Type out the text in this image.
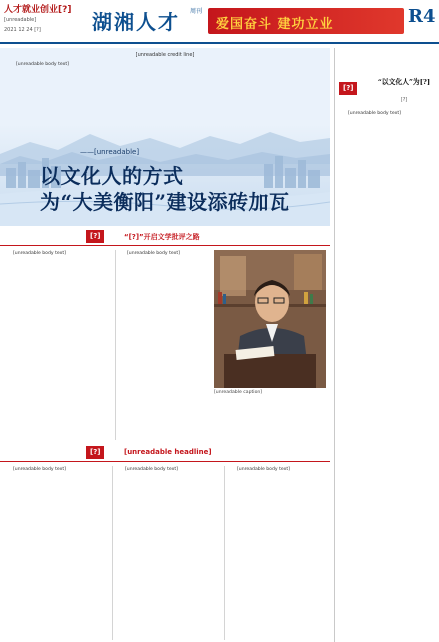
人才就业创业[?]
[unreadable]
2021 12 24 [?]	湖湘人才 周刊
爱国奋斗 建功立业	R4

[unreadable credit line]

[unreadable body text]

——[unreadable]
以文化人的方式
为“大美衡阳”建设添砖加瓦
[?]	“[?]”开启文学批评之路

[unreadable body text]	[unreadable body text]

[unreadable caption]

[?]	[unreadable headline]

[unreadable body text]	[unreadable body text]	[unreadable body text]

[?]
“以文化人”为[?]
[?]

[unreadable body text]
